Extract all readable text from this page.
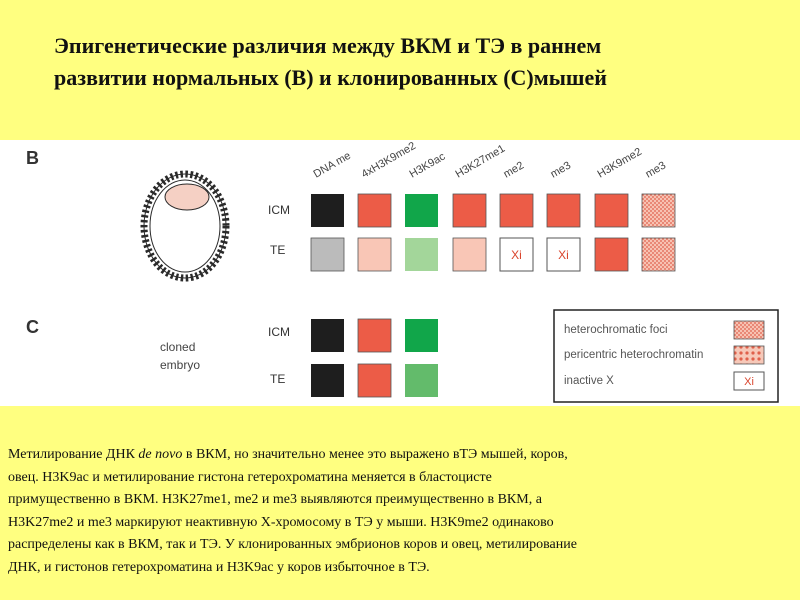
Эпигенетические различия между ВКМ и ТЭ в раннем
развитии нормальных (В) и клонированных (С)мышей
B
C
cloned
embryo
ICM
TE
ICM
TE
DNA me 4xH3K9me2
H3K9ac H3K27me1
me2 me3 H3K9me2 me3
Xi	Xi
heterochromatic foci
pericentric heterochromatin
inactive X	Xi

Метилирование ДНК de novo в ВКМ, но значительно менее это выражено вТЭ мышей, коров,
овец. H3K9ac и метилирование гистона гетерохроматина меняется в бластоцисте
примущественно в ВКМ. H3K27me1, me2 и me3 выявляются преимущественно в ВКМ, а
H3K27me2 и me3 маркируют неактивную X-хромосому в ТЭ у мыши. H3K9me2 одинаково
распределены как в ВКМ, так и ТЭ. У клонированных эмбрионов коров и овец, метилирование
ДНК, и гистонов гетерохроматина и H3K9ac у коров избыточное в ТЭ.
